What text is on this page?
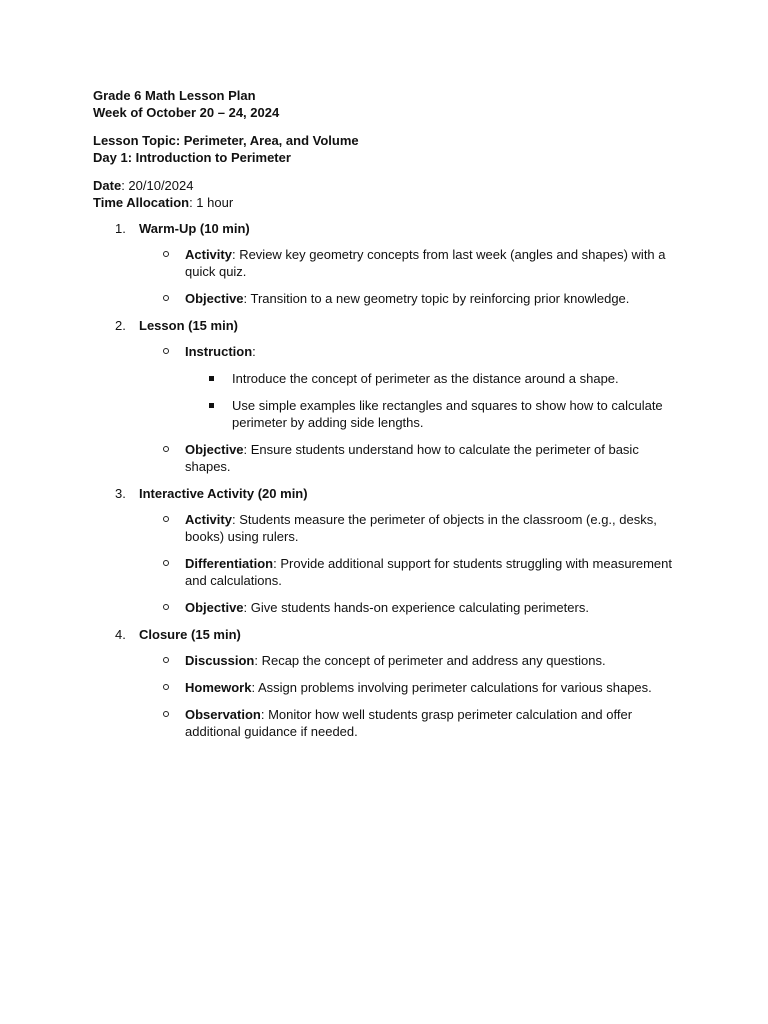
Grade 6 Math Lesson Plan
Week of October 20 – 24, 2024
Lesson Topic: Perimeter, Area, and Volume
Day 1: Introduction to Perimeter
Date: 20/10/2024
Time Allocation: 1 hour
1. Warm-Up (10 min)
Activity: Review key geometry concepts from last week (angles and shapes) with a quick quiz.
Objective: Transition to a new geometry topic by reinforcing prior knowledge.
2. Lesson (15 min)
Instruction:
Introduce the concept of perimeter as the distance around a shape.
Use simple examples like rectangles and squares to show how to calculate perimeter by adding side lengths.
Objective: Ensure students understand how to calculate the perimeter of basic shapes.
3. Interactive Activity (20 min)
Activity: Students measure the perimeter of objects in the classroom (e.g., desks, books) using rulers.
Differentiation: Provide additional support for students struggling with measurement and calculations.
Objective: Give students hands-on experience calculating perimeters.
4. Closure (15 min)
Discussion: Recap the concept of perimeter and address any questions.
Homework: Assign problems involving perimeter calculations for various shapes.
Observation: Monitor how well students grasp perimeter calculation and offer additional guidance if needed.
